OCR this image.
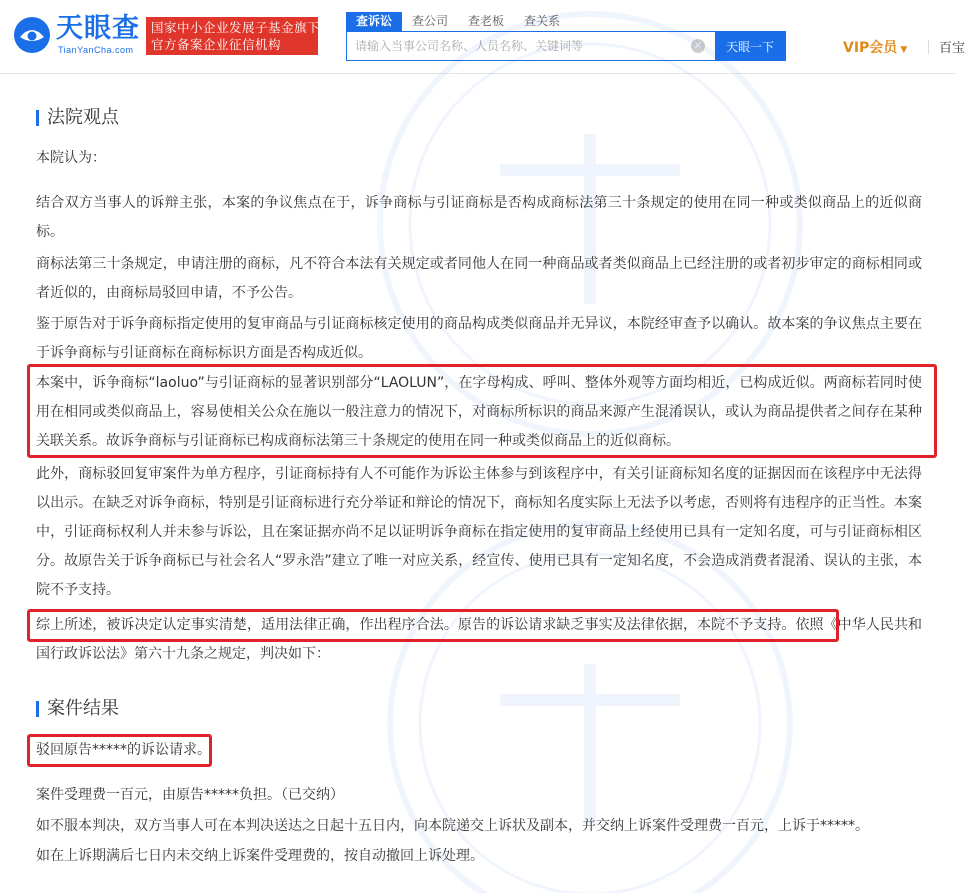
天眼查
TianYanCha.com
国家中小企业发展子基金旗下
官方备案企业征信机构
查诉讼	查公司	查老板	查关系
请输入当事公司名称、人员名称、关键词等
×	天眼一下	VIP会员 ▼ 百宝
法院观点
本院认为：
结合双方当事人的诉辩主张，本案的争议焦点在于，诉争商标与引证商标是否构成商标法第三十条规定的使用在同一种或类似商品上的近似商标。
商标法第三十条规定，申请注册的商标，凡不符合本法有关规定或者同他人在同一种商品或者类似商品上已经注册的或者初步审定的商标相同或者近似的，由商标局驳回申请，不予公告。
鉴于原告对于诉争商标指定使用的复审商品与引证商标核定使用的商品构成类似商品并无异议，本院经审查予以确认。故本案的争议焦点主要在于诉争商标与引证商标在商标标识方面是否构成近似。
本案中，诉争商标“laoluo”与引证商标的显著识别部分“LAOLUN”，在字母构成、呼叫、整体外观等方面均相近，已构成近似。两商标若同时使用在相同或类似商品上，容易使相关公众在施以一般注意力的情况下，对商标所标识的商品来源产生混淆误认，或认为商品提供者之间存在某种关联关系。故诉争商标与引证商标已构成商标法第三十条规定的使用在同一种或类似商品上的近似商标。
此外，商标驳回复审案件为单方程序，引证商标持有人不可能作为诉讼主体参与到该程序中，有关引证商标知名度的证据因而在该程序中无法得以出示。在缺乏对诉争商标，特别是引证商标进行充分举证和辩论的情况下，商标知名度实际上无法予以考虑，否则将有违程序的正当性。本案中，引证商标权利人并未参与诉讼，且在案证据亦尚不足以证明诉争商标在指定使用的复审商品上经使用已具有一定知名度，可与引证商标相区分。故原告关于诉争商标已与社会名人“罗永浩”建立了唯一对应关系，经宣传、使用已具有一定知名度，不会造成消费者混淆、误认的主张，本院不予支持。
综上所述，被诉决定认定事实清楚，适用法律正确，作出程序合法。原告的诉讼请求缺乏事实及法律依据，本院不予支持。依照《中华人民共和国行政诉讼法》第六十九条之规定，判决如下：
案件结果
驳回原告*****的诉讼请求。
案件受理费一百元，由原告*****负担。（已交纳）
如不服本判决，双方当事人可在本判决送达之日起十五日内，向本院递交上诉状及副本，并交纳上诉案件受理费一百元，上诉于*****。
如在上诉期满后七日内未交纳上诉案件受理费的，按自动撤回上诉处理。
